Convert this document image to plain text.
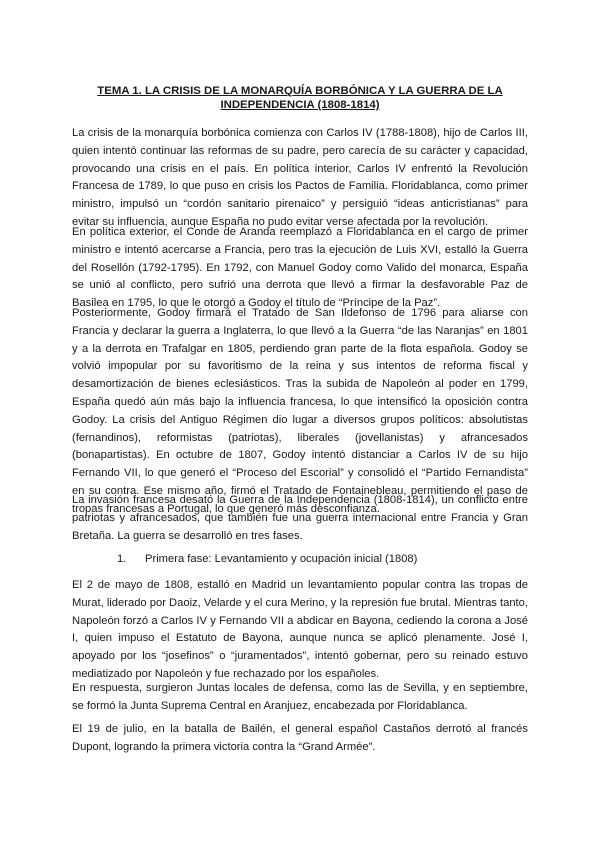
TEMA 1. LA CRISIS DE LA MONARQUÍA BORBÓNICA Y LA GUERRA DE LA INDEPENDENCIA (1808-1814)

La crisis de la monarquía borbónica comienza con Carlos IV (1788-1808), hijo de Carlos III, quien intentó continuar las reformas de su padre, pero carecía de su carácter y capacidad, provocando una crisis en el país. En política interior, Carlos IV enfrentó la Revolución Francesa de 1789, lo que puso en crisis los Pactos de Familia. Floridablanca, como primer ministro, impulsó un “cordón sanitario pirenaico” y persiguió “ideas anticristianas” para evitar su influencia, aunque España no pudo evitar verse afectada por la revolución.

En política exterior, el Conde de Aranda reemplazó a Floridablanca en el cargo de primer ministro e intentó acercarse a Francia, pero tras la ejecución de Luis XVI, estalló la Guerra del Rosellón (1792-1795). En 1792, con Manuel Godoy como Valido del monarca, España se unió al conflicto, pero sufrió una derrota que llevó a firmar la desfavorable Paz de Basilea en 1795, lo que le otorgó a Godoy el título de “Príncipe de la Paz”.

Posteriormente, Godoy firmará el Tratado de San Ildefonso de 1796 para aliarse con Francia y declarar la guerra a Inglaterra, lo que llevó a la Guerra “de las Naranjas” en 1801 y a la derrota en Trafalgar en 1805, perdiendo gran parte de la flota española. Godoy se volvió impopular por su favoritismo de la reina y sus intentos de reforma fiscal y desamortización de bienes eclesiásticos. Tras la subida de Napoleón al poder en 1799, España quedó aún más bajo la influencia francesa, lo que intensificó la oposición contra Godoy. La crisis del Antiguo Régimen dio lugar a diversos grupos políticos: absolutistas (fernandinos), reformistas (patriotas), liberales (jovellanistas) y afrancesados (bonapartistas). En octubre de 1807, Godoy intentó distanciar a Carlos IV de su hijo Fernando VII, lo que generó el “Proceso del Escorial” y consolidó el “Partido Fernandista” en su contra. Ese mismo año, firmó el Tratado de Fontainebleau, permitiendo el paso de tropas francesas a Portugal, lo que generó más desconfianza.

La invasión francesa desató la Guerra de la Independencia (1808-1814), un conflicto entre patriotas y afrancesados, que también fue una guerra internacional entre Francia y Gran Bretaña. La guerra se desarrolló en tres fases.

1. Primera fase: Levantamiento y ocupación inicial (1808)

El 2 de mayo de 1808, estalló en Madrid un levantamiento popular contra las tropas de Murat, liderado por Daoiz, Velarde y el cura Merino, y la represión fue brutal. Mientras tanto, Napoleón forzó a Carlos IV y Fernando VII a abdicar en Bayona, cediendo la corona a José I, quien impuso el Estatuto de Bayona, aunque nunca se aplicó plenamente. José I, apoyado por los “josefinos” o “juramentados”, intentó gobernar, pero su reinado estuvo mediatizado por Napoleón y fue rechazado por los españoles.

En respuesta, surgieron Juntas locales de defensa, como las de Sevilla, y en septiembre, se formó la Junta Suprema Central en Aranjuez, encabezada por Floridablanca.

El 19 de julio, en la batalla de Bailén, el general español Castaños derrotó al francés Dupont, logrando la primera victoria contra la “Grand Armée”.
